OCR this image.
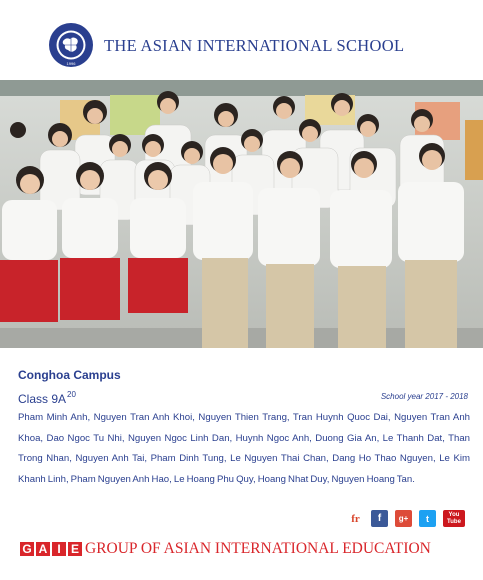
1996
THE ASIAN INTERNATIONAL SCHOOL
Conghoa Campus
Class $9A^{20}$	School year 2017 - 2018
Pham Minh Anh, Nguyen Tran Anh Khoi, Nguyen Thien Trang, Tran Huynh Quoc Dai, Nguyen Tran Anh Khoa, Dao Ngoc Tu Nhi, Nguyen Ngoc Linh Dan, Huynh Ngoc Anh, Duong Gia An, Le Thanh Dat, Than Trong Nhan, Nguyen Anh Tai, Pham Dinh Tung, Le Nguyen Thai Chan, Dang Ho Thao Nguyen, Le Kim Khanh Linh, Pham Nguyen Anh Hao, Le Hoang Phu Quy, Hoang Nhat Duy, Nguyen Hoang Tan.
fr	f	g+	t	You
Tube
G A I E GROUP OF ASIAN INTERNATIONAL EDUCATION
